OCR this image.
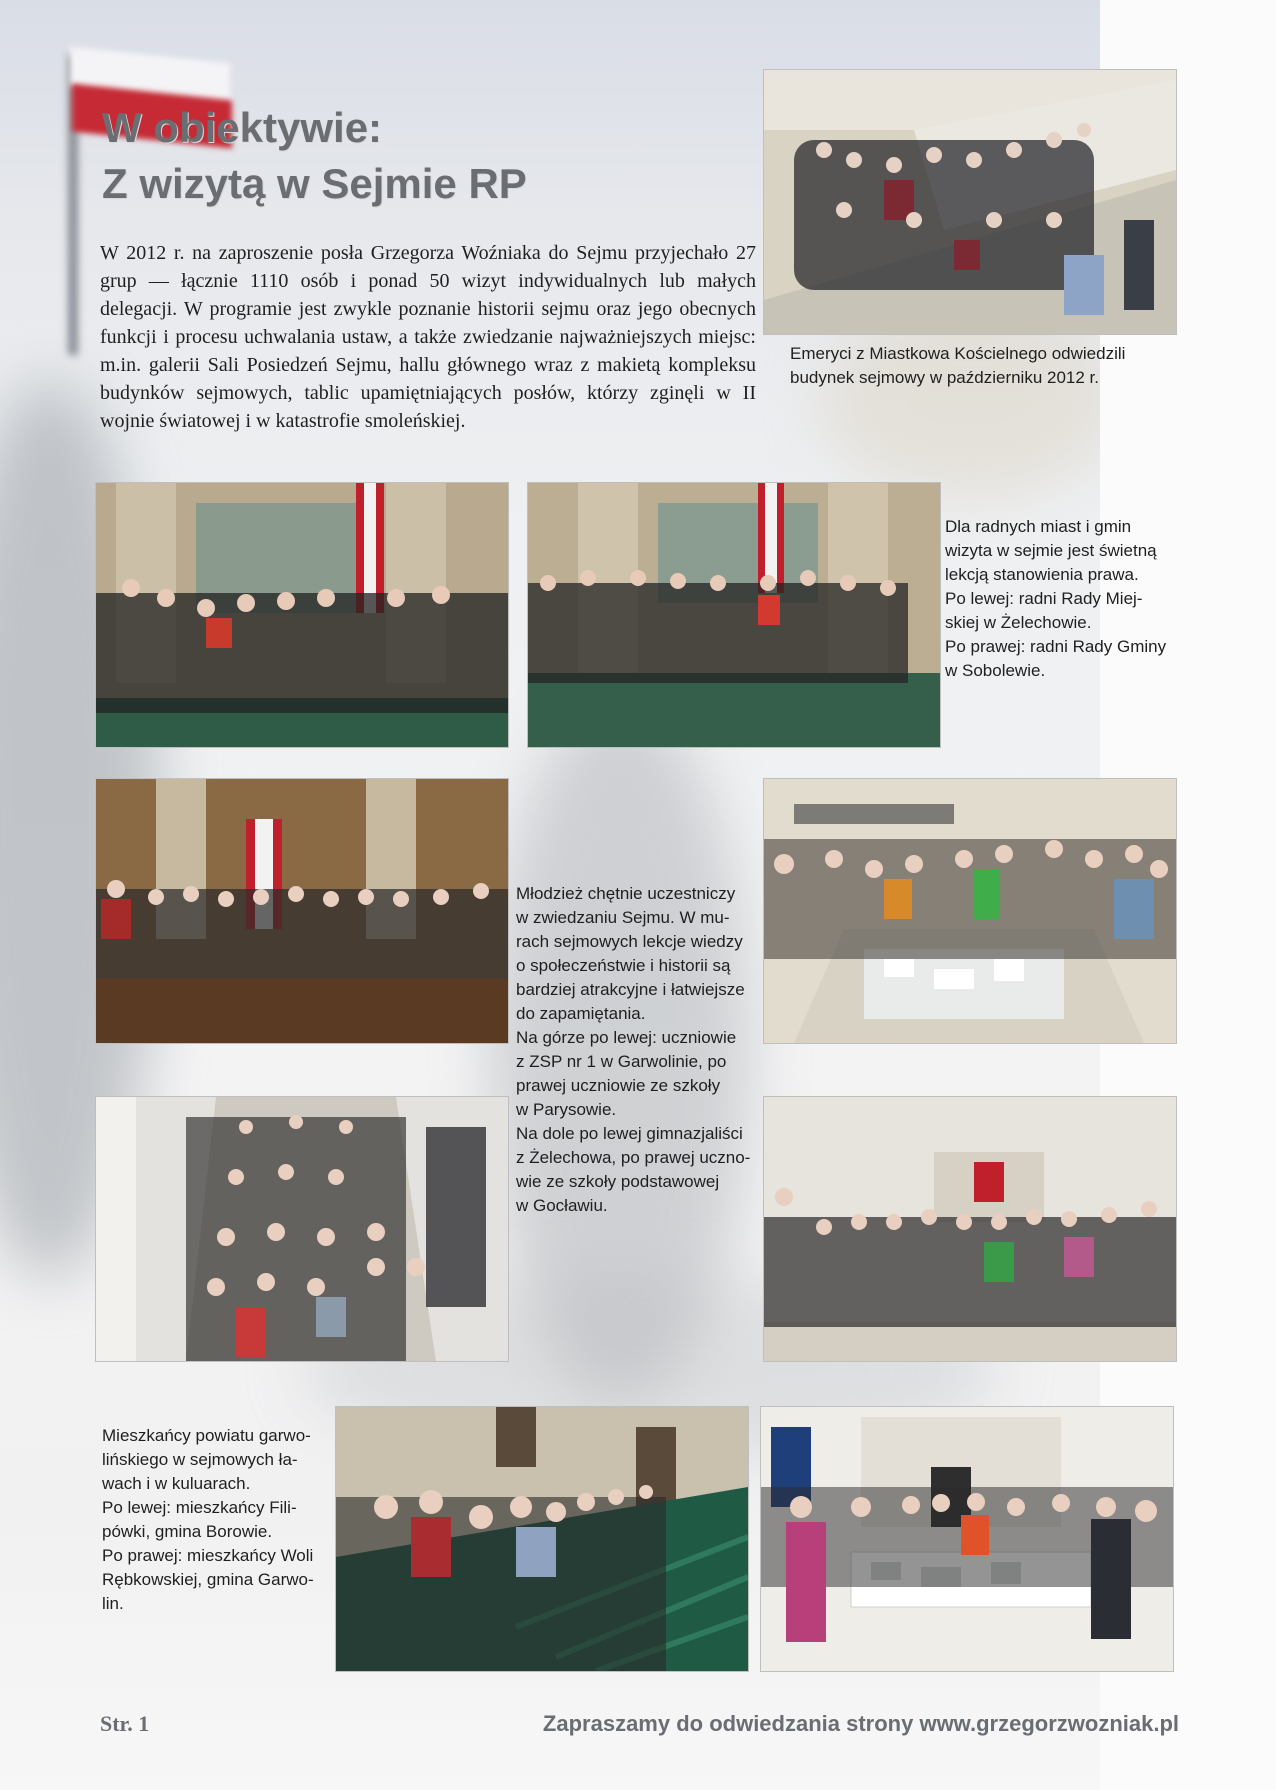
W obiektywie:
Z wizytą w Sejmie RP

W 2012 r. na zaproszenie posła Grzegorza Woźniaka do Sejmu przyjechało 27 grup — łącznie 1110 osób i ponad 50 wizyt indywidualnych lub małych delegacji. W programie jest zwykle poznanie historii sejmu oraz jego obecnych funkcji i procesu uchwalania ustaw, a także zwiedzanie najważniejszych miejsc: m.in. galerii Sali Posiedzeń Sejmu, hallu głównego wraz z makietą kompleksu budynków sejmowych, tablic upamiętniających posłów, którzy zginęli w II wojnie światowej i w katastrofie smoleńskiej.

Emeryci z Miastkowa Kościelnego odwiedzili
budynek sejmowy w październiku 2012 r.

Dla radnych miast i gmin
wizyta w sejmie jest świetną
lekcją stanowienia prawa.
Po lewej: radni Rady Miej-
skiej w Żelechowie.
Po prawej: radni Rady Gminy
w Sobolewie.

Młodzież chętnie uczestniczy
w zwiedzaniu Sejmu. W mu-
rach sejmowych lekcje wiedzy
o społeczeństwie i historii są
bardziej atrakcyjne i łatwiejsze
do zapamiętania.
Na górze po lewej: uczniowie
z ZSP nr 1 w Garwolinie, po
prawej uczniowie ze szkoły
w Parysowie.
Na dole po lewej gimnazjaliści
z Żelechowa, po prawej uczno-
wie ze szkoły podstawowej
w Gocławiu.

Mieszkańcy powiatu garwo-
lińskiego w sejmowych ła-
wach i w kuluarach.
Po lewej: mieszkańcy Fili-
pówki, gmina Borowie.
Po prawej: mieszkańcy Woli
Rębkowskiej, gmina Garwo-
lin.

Str. 1	Zapraszamy do odwiedzania strony www.grzegorzwozniak.pl
